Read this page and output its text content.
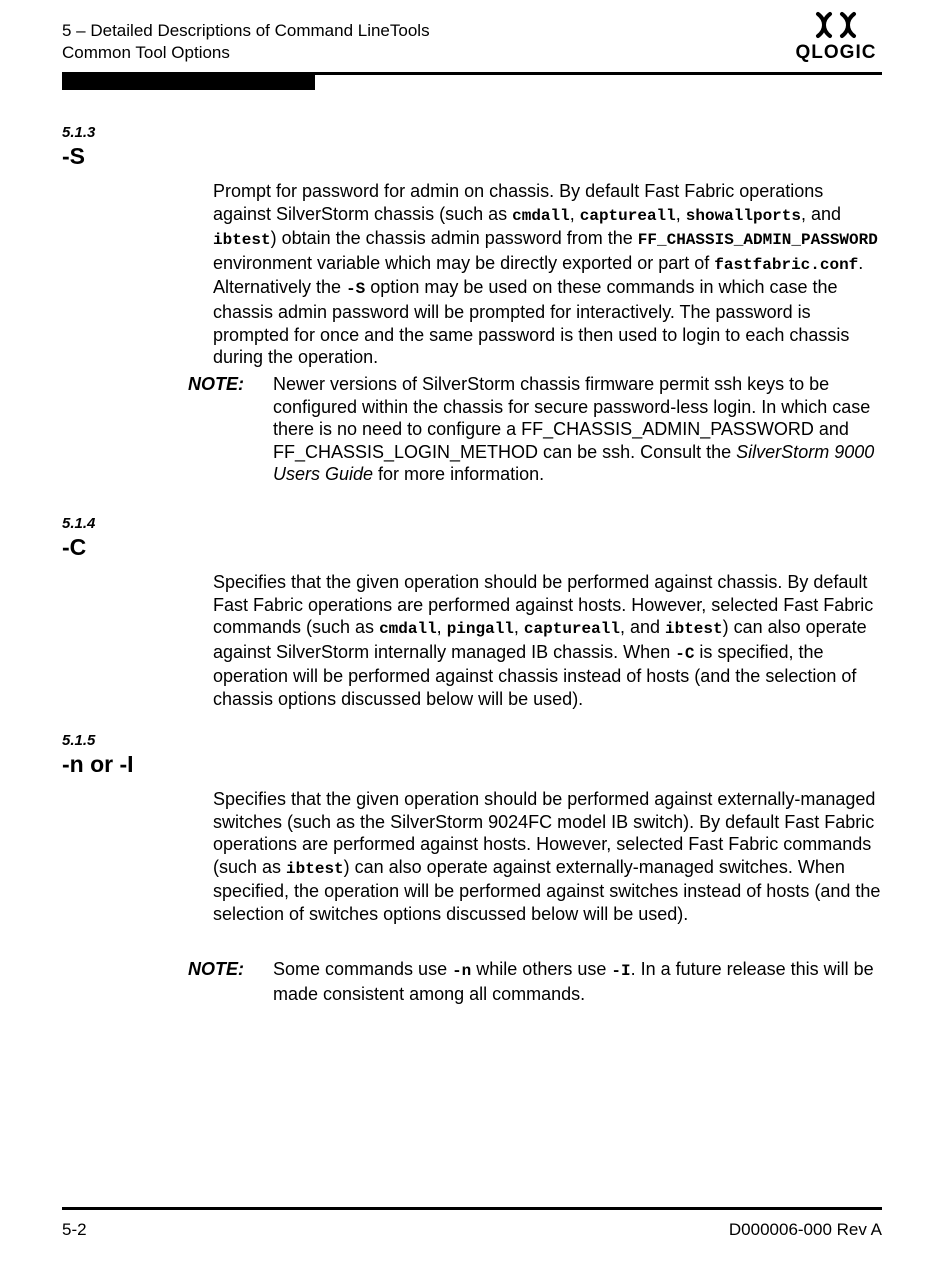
5 – Detailed Descriptions of Command LineTools
Common Tool Options	QLOGIC
5.1.3
-S

Prompt for password for admin on chassis. By default Fast Fabric operations against SilverStorm chassis (such as cmdall, captureall, showallports, and ibtest) obtain the chassis admin password from the FF_CHASSIS_ADMIN_PASSWORD environment variable which may be directly exported or part of fastfabric.conf. Alternatively the -S option may be used on these commands in which case the chassis admin password will be prompted for interactively. The password is prompted for once and the same password is then used to login to each chassis during the operation.

NOTE: Newer versions of SilverStorm chassis firmware permit ssh keys to be configured within the chassis for secure password-less login. In which case there is no need to configure a FF_CHASSIS_ADMIN_PASSWORD and FF_CHASSIS_LOGIN_METHOD can be ssh. Consult the SilverStorm 9000 Users Guide for more information.

5.1.4
-C

Specifies that the given operation should be performed against chassis. By default Fast Fabric operations are performed against hosts. However, selected Fast Fabric commands (such as cmdall, pingall, captureall, and ibtest) can also operate against SilverStorm internally managed IB chassis. When -C is specified, the operation will be performed against chassis instead of hosts (and the selection of chassis options discussed below will be used).

5.1.5
-n or -I

Specifies that the given operation should be performed against externally-managed switches (such as the SilverStorm 9024FC model IB switch). By default Fast Fabric operations are performed against hosts. However, selected Fast Fabric commands (such as ibtest) can also operate against externally-managed switches. When specified, the operation will be performed against switches instead of hosts (and the selection of switches options discussed below will be used).

NOTE: Some commands use -n while others use -I. In a future release this will be made consistent among all commands.

5-2	D000006-000 Rev A
